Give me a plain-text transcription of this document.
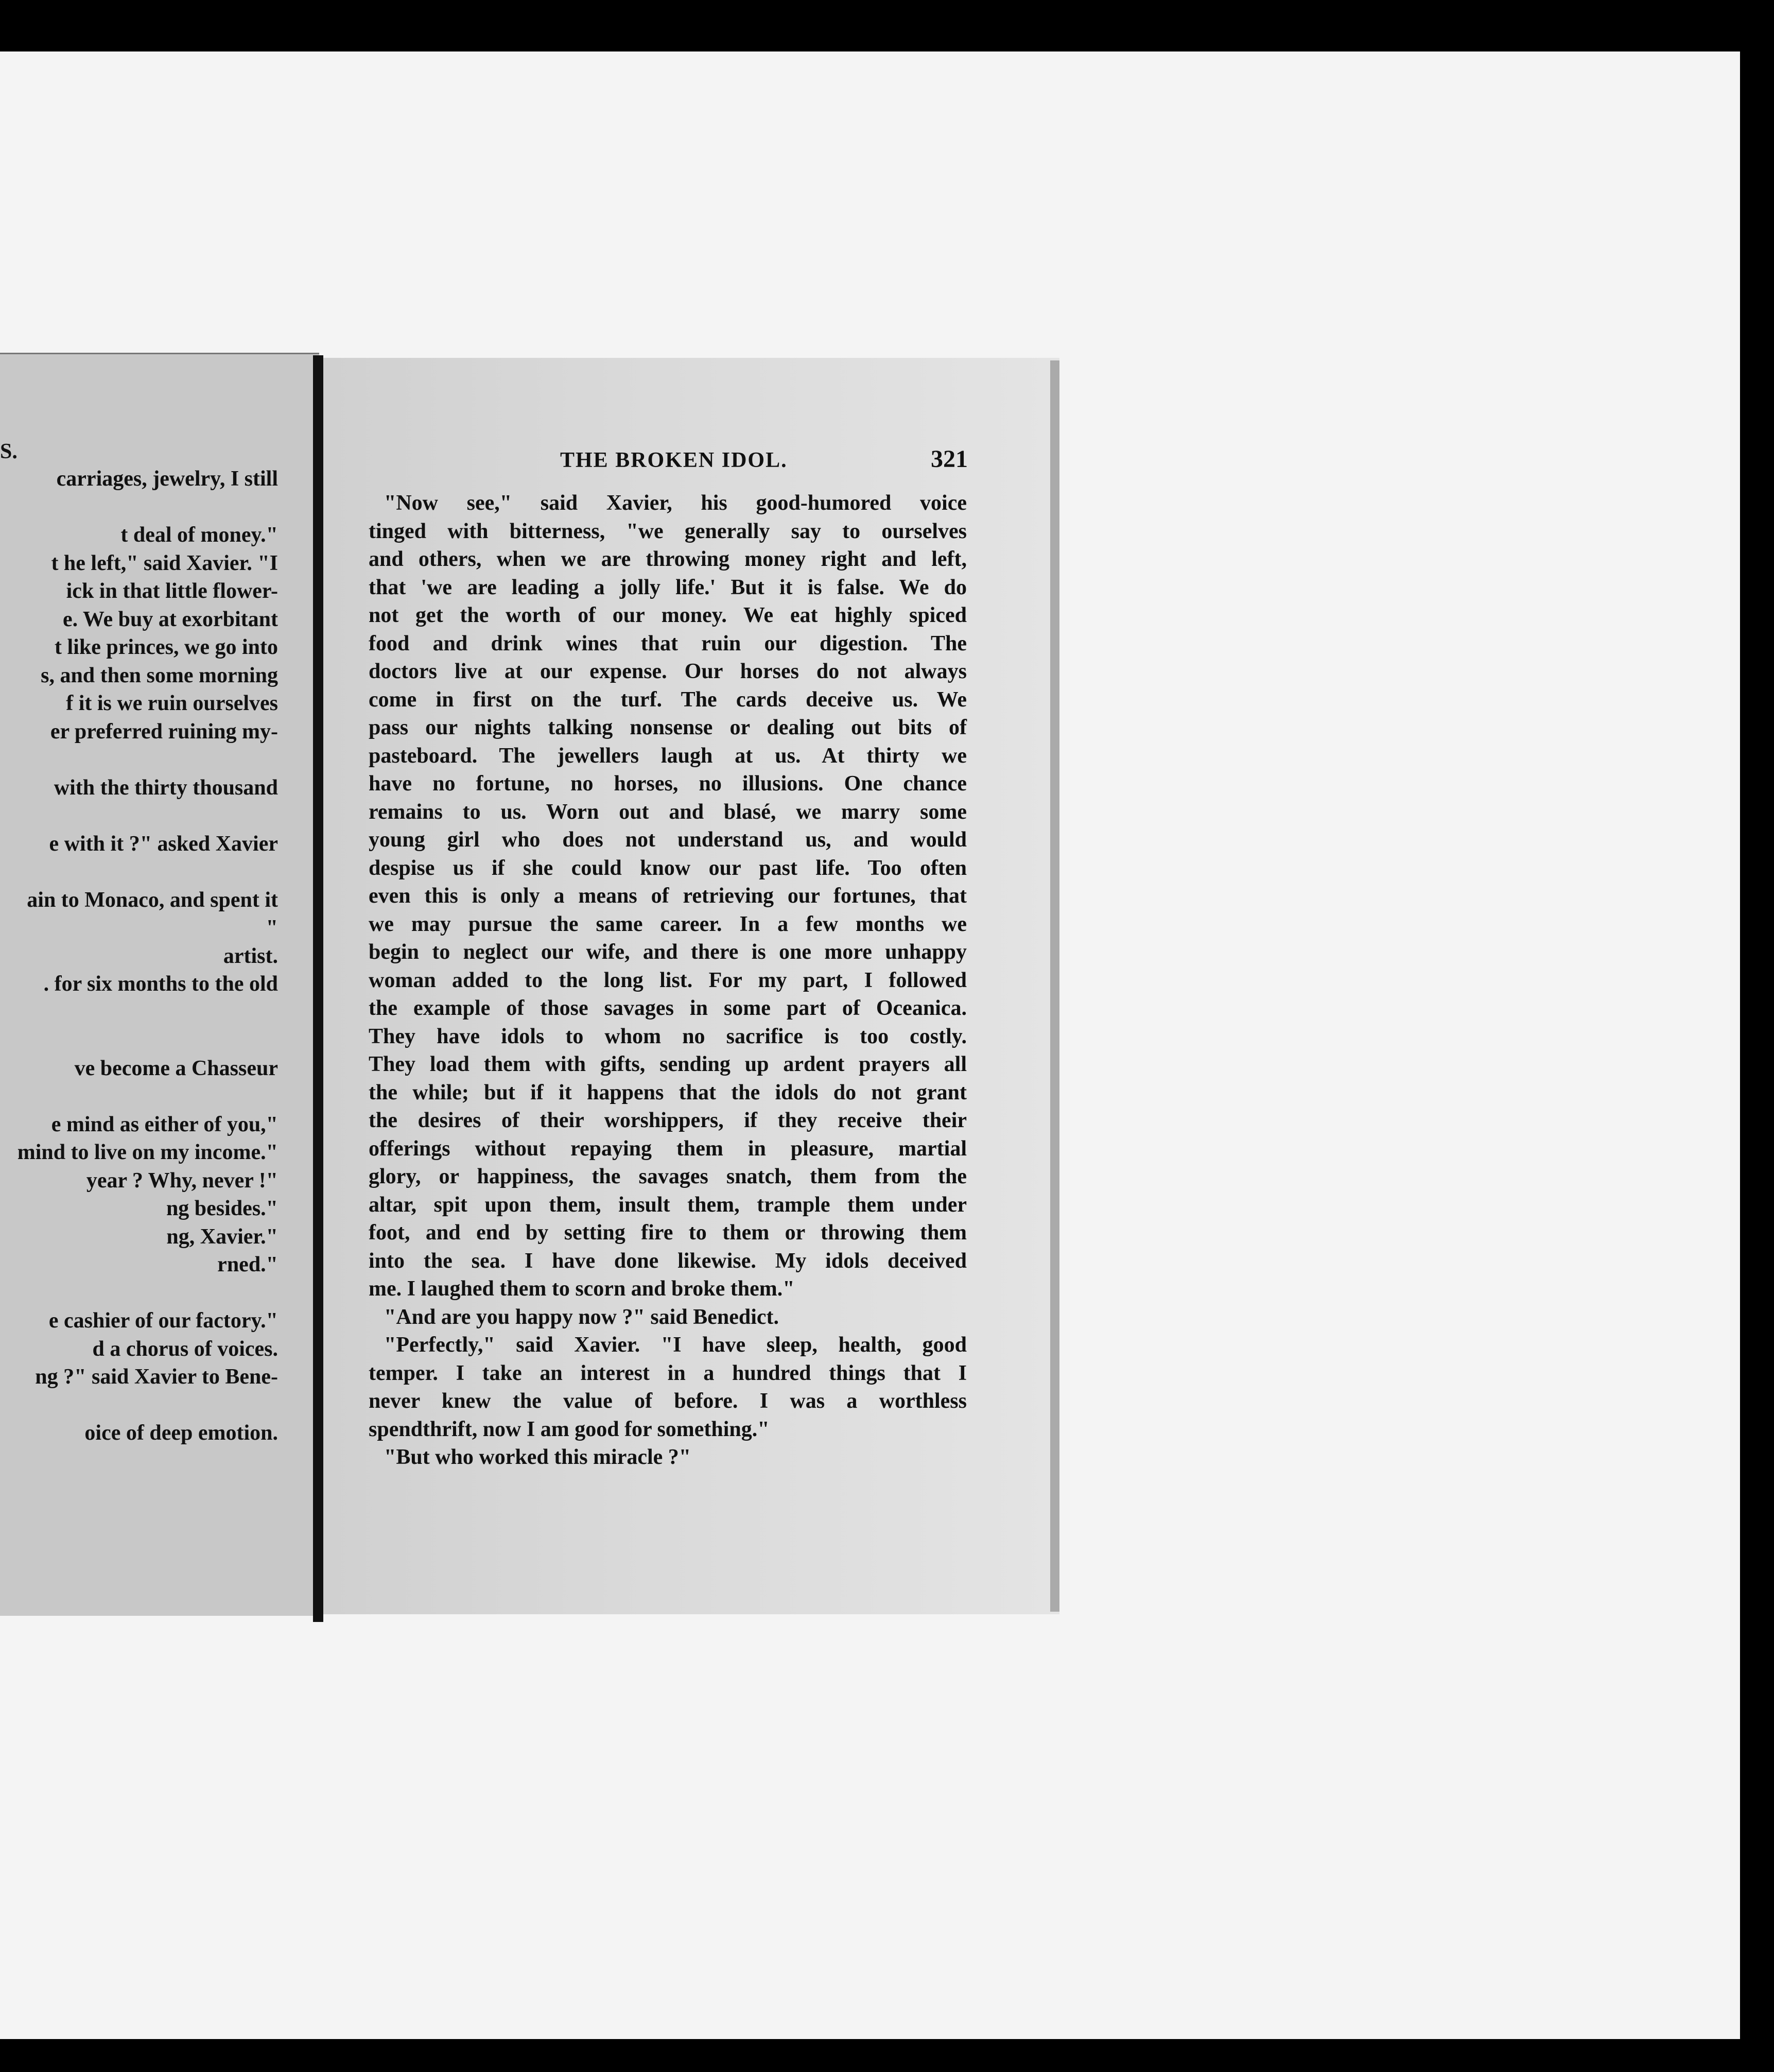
S.
carriages, jewelry, I still

t deal of money."
t he left," said Xavier. "I
ick in that little flower-
e. We buy at exorbitant
t like princes, we go into
s, and then some morning
f it is we ruin ourselves
er preferred ruining my-

with the thirty thousand

e with it ?" asked Xavier

ain to Monaco, and spent it
"
artist.
. for six months to the old

ve become a Chasseur

e mind as either of you,"
mind to live on my income."
year ? Why, never !"
ng besides."
ng, Xavier."
rned."

e cashier of our factory."
d a chorus of voices.
ng ?" said Xavier to Bene-

oice of deep emotion.
THE BROKEN IDOL.	321
"Now see," said Xavier, his good-humored voice
tinged with bitterness, "we generally say to ourselves
and others, when we are throwing money right and left,
that 'we are leading a jolly life.' But it is false. We do
not get the worth of our money. We eat highly spiced
food and drink wines that ruin our digestion. The
doctors live at our expense. Our horses do not always
come in first on the turf. The cards deceive us. We
pass our nights talking nonsense or dealing out bits of
pasteboard. The jewellers laugh at us. At thirty we
have no fortune, no horses, no illusions. One chance
remains to us. Worn out and blasé, we marry some
young girl who does not understand us, and would
despise us if she could know our past life. Too often
even this is only a means of retrieving our fortunes, that
we may pursue the same career. In a few months we
begin to neglect our wife, and there is one more unhappy
woman added to the long list. For my part, I followed
the example of those savages in some part of Oceanica.
They have idols to whom no sacrifice is too costly.
They load them with gifts, sending up ardent prayers all
the while; but if it happens that the idols do not grant
the desires of their worshippers, if they receive their
offerings without repaying them in pleasure, martial
glory, or happiness, the savages snatch, them from the
altar, spit upon them, insult them, trample them under
foot, and end by setting fire to them or throwing them
into the sea. I have done likewise. My idols deceived
me. I laughed them to scorn and broke them."
"And are you happy now ?" said Benedict.
"Perfectly," said Xavier. "I have sleep, health, good
temper. I take an interest in a hundred things that I
never knew the value of before. I was a worthless
spendthrift, now I am good for something."
"But who worked this miracle ?"
